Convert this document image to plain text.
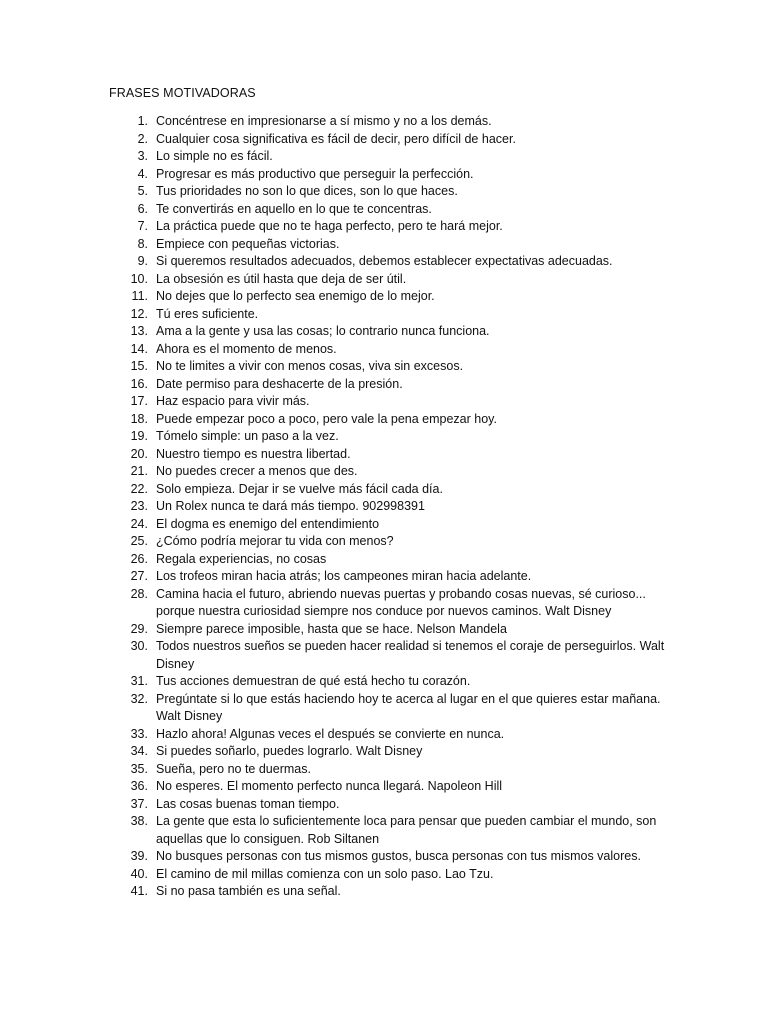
FRASES MOTIVADORAS
1. Concéntrese en impresionarse a sí mismo y no a los demás.
2. Cualquier cosa significativa es fácil de decir, pero difícil de hacer.
3. Lo simple no es fácil.
4. Progresar es más productivo que perseguir la perfección.
5. Tus prioridades no son lo que dices, son lo que haces.
6. Te convertirás en aquello en lo que te concentras.
7. La práctica puede que no te haga perfecto, pero te hará mejor.
8. Empiece con pequeñas victorias.
9. Si queremos resultados adecuados, debemos establecer expectativas adecuadas.
10. La obsesión es útil hasta que deja de ser útil.
11. No dejes que lo perfecto sea enemigo de lo mejor.
12. Tú eres suficiente.
13. Ama a la gente y usa las cosas; lo contrario nunca funciona.
14. Ahora es el momento de menos.
15. No te limites a vivir con menos cosas, viva sin excesos.
16. Date permiso para deshacerte de la presión.
17. Haz espacio para vivir más.
18. Puede empezar poco a poco, pero vale la pena empezar hoy.
19. Tómelo simple: un paso a la vez.
20. Nuestro tiempo es nuestra libertad.
21. No puedes crecer a menos que des.
22. Solo empieza. Dejar ir se vuelve más fácil cada día.
23. Un Rolex nunca te dará más tiempo. 902998391
24. El dogma es enemigo del entendimiento
25. ¿Cómo podría mejorar tu vida con menos?
26. Regala experiencias, no cosas
27. Los trofeos miran hacia atrás; los campeones miran hacia adelante.
28. Camina hacia el futuro, abriendo nuevas puertas y probando cosas nuevas, sé curioso... porque nuestra curiosidad siempre nos conduce por nuevos caminos. Walt Disney
29. Siempre parece imposible, hasta que se hace. Nelson Mandela
30. Todos nuestros sueños se pueden hacer realidad si tenemos el coraje de perseguirlos. Walt Disney
31. Tus acciones demuestran de qué está hecho tu corazón.
32. Pregúntate si lo que estás haciendo hoy te acerca al lugar en el que quieres estar mañana. Walt Disney
33. Hazlo ahora! Algunas veces el después se convierte en nunca.
34. Si puedes soñarlo, puedes lograrlo. Walt Disney
35. Sueña, pero no te duermas.
36. No esperes. El momento perfecto nunca llegará. Napoleon Hill
37. Las cosas buenas toman tiempo.
38. La gente que esta lo suficientemente loca para pensar que pueden cambiar el mundo, son aquellas que lo consiguen. Rob Siltanen
39. No busques personas con tus mismos gustos, busca personas con tus mismos valores.
40. El camino de mil millas comienza con un solo paso. Lao Tzu.
41. Si no pasa también es una señal.
